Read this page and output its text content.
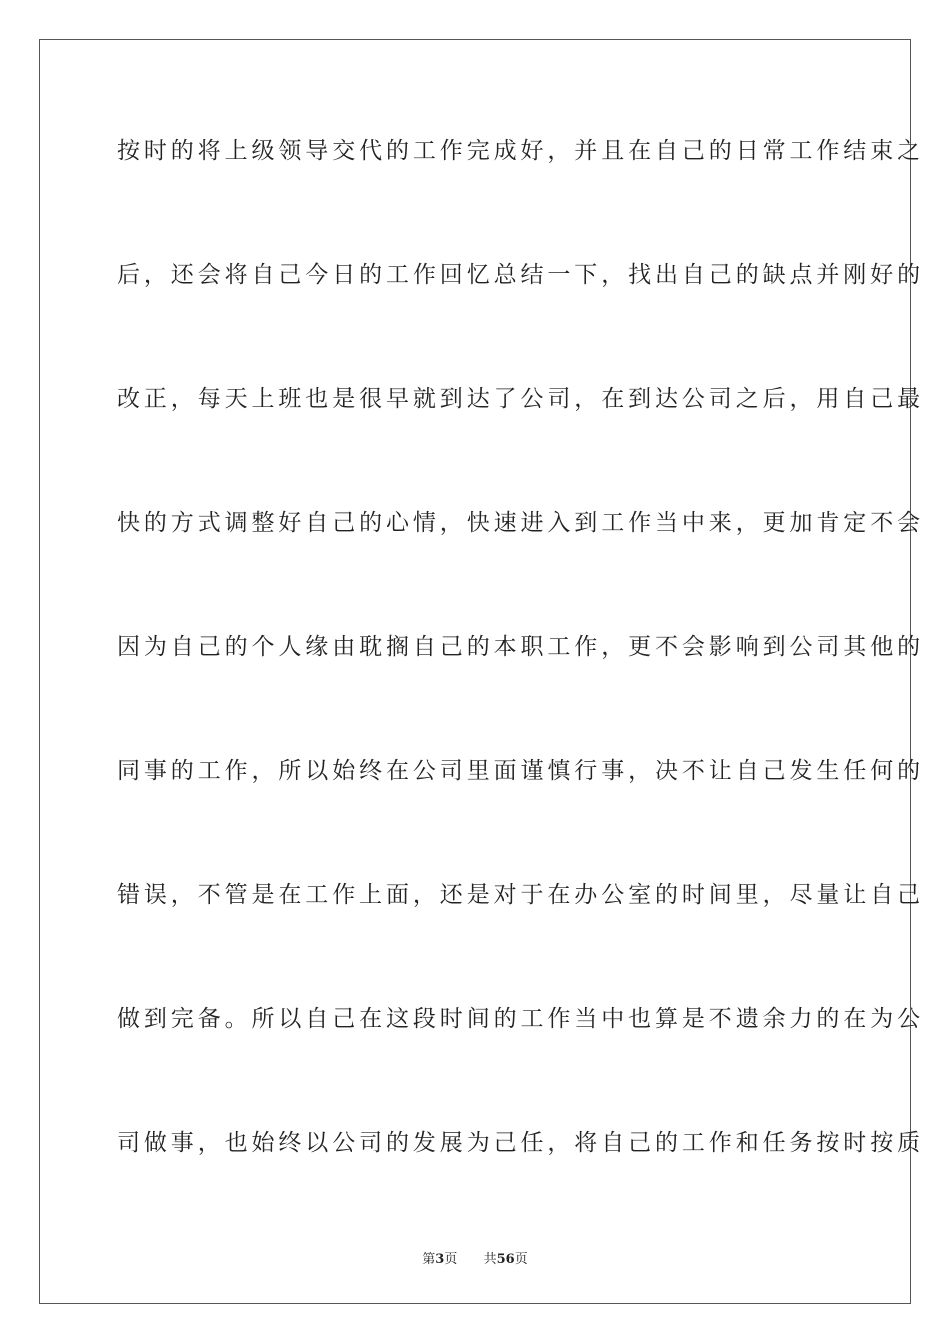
按时的将上级领导交代的工作完成好，并且在自己的日常工作结束之
后，还会将自己今日的工作回忆总结一下，找出自己的缺点并刚好的
改正，每天上班也是很早就到达了公司，在到达公司之后，用自己最
快的方式调整好自己的心情，快速进入到工作当中来，更加肯定不会
因为自己的个人缘由耽搁自己的本职工作，更不会影响到公司其他的
同事的工作，所以始终在公司里面谨慎行事，决不让自己发生任何的
错误，不管是在工作上面，还是对于在办公室的时间里，尽量让自己
做到完备。所以自己在这段时间的工作当中也算是不遗余力的在为公
司做事，也始终以公司的发展为己任，将自己的工作和任务按时按质
第3页 共56页
